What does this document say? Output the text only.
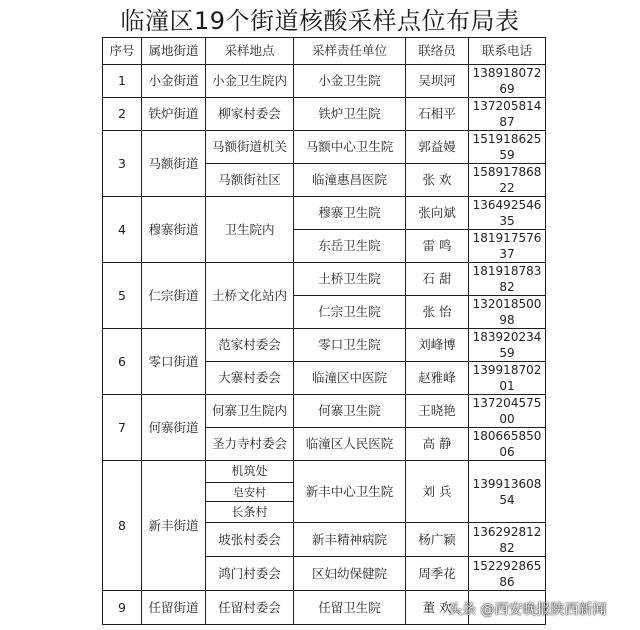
临潼区19个街道核酸采样点位布局表
序号	属地街道	采样地点	采样责任单位	联络员	联系电话
1	小金街道	小金卫生院内	小金卫生院	吴坝河	13891807269
2	铁炉街道	柳家村委会	铁炉卫生院	石相平	13720581487
3	马额街道	马额街道机关	马额中心卫生院	郭益嫚	15191862559
		马额街社区	临潼惠昌医院	张 欢	15891786822
4	穆寨街道	卫生院内	穆寨卫生院	张向斌	13649254635
			东岳卫生院	雷 鸣	18191757637
5	仁宗街道	土桥文化站内	土桥卫生院	石 甜	18191878382
			仁宗卫生院	张 怡	13201850098
6	零口街道	范家村委会	零口卫生院	刘峰博	18392023459
		大寨村委会	临潼区中医院	赵雅峰	13991870201
7	何寨街道	何寨卫生院内	何寨卫生院	王晓艳	13720457500
		圣力寺村委会	临潼区人民医院	高 静	18066585006
8	新丰街道	机筑处	新丰中心卫生院	刘 兵	13991360854
		皂安村			
		长条村			
		坡张村委会	新丰精神病院	杨广颖	13629281282
		鸿门村委会	区妇幼保健院	周季花	15229286586
9	任留街道	任留村委会	任留卫生院	董 欢	
头条 @西安晚报陕西新闻
